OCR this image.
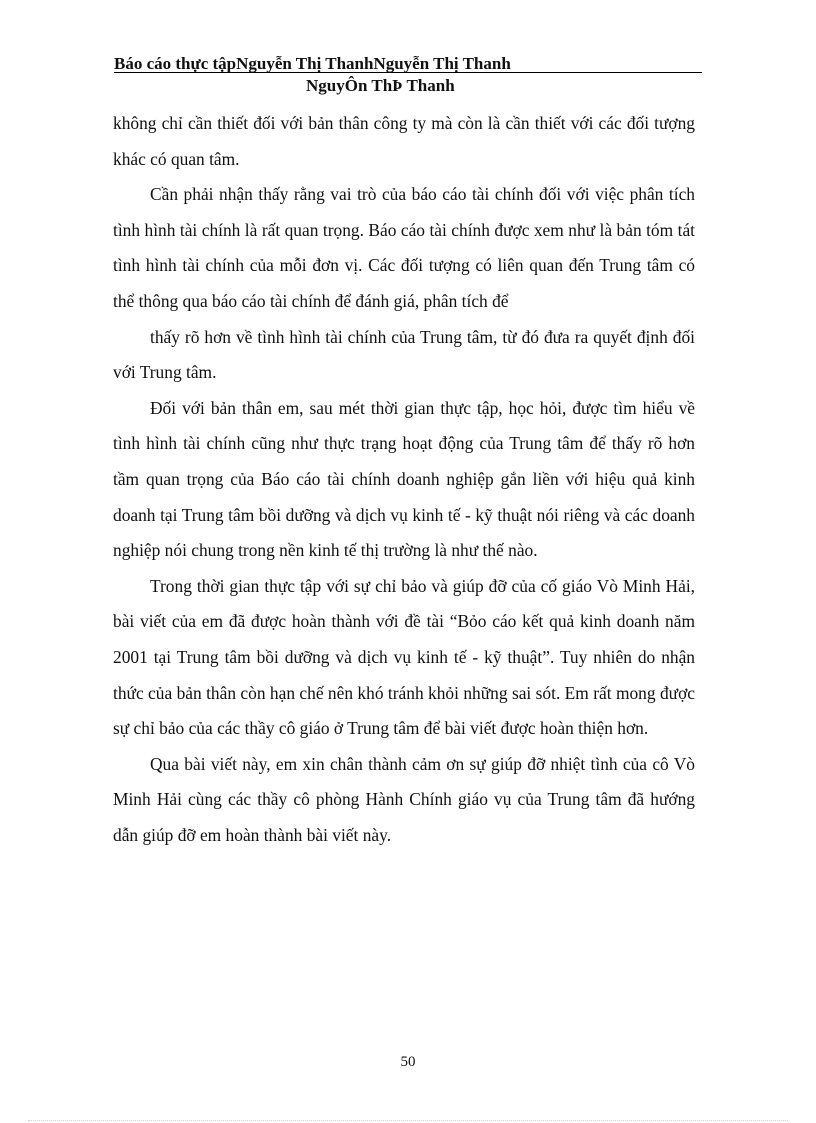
Báo cáo thực tậpNguyễn Thị ThanhNguyễn Thị Thanh
NguyÔn ThÞ Thanh

không chỉ cần thiết đối với bản thân công ty mà còn là cần thiết với các đối tượng khác có quan tâm.

Cần phải nhận thấy rằng vai trò của báo cáo tài chính đối với việc phân tích tình hình tài chính là rất quan trọng. Báo cáo tài chính được xem như là bản tóm tát tình hình tài chính của mỗi đơn vị. Các đối tượng có liên quan đến Trung tâm có thể thông qua báo cáo tài chính để đánh giá, phân tích để

thấy rõ hơn về tình hình tài chính của Trung tâm, từ đó đưa ra quyết định đối với Trung tâm.

Đối với bản thân em, sau mét thời gian thực tập, học hỏi, được tìm hiểu về tình hình tài chính cũng như thực trạng hoạt động của Trung tâm để thấy rõ hơn tầm quan trọng của Báo cáo tài chính doanh nghiệp gắn liền với hiệu quả kinh doanh tại Trung tâm bồi dưỡng và dịch vụ kinh tế - kỹ thuật nói riêng và các doanh nghiệp nói chung trong nền kinh tế thị trường là như thế nào.

Trong thời gian thực tập với sự chỉ bảo và giúp đỡ của cố giáo Vò Minh Hải, bài viết của em đã được hoàn thành với đề tài “Bỏo cáo kết quả kinh doanh năm 2001 tại Trung tâm bồi dưỡng và dịch vụ kinh tế - kỹ thuật”. Tuy nhiên do nhận thức của bản thân còn hạn chế nên khó tránh khỏi những sai sót. Em rất mong được sự chỉ bảo của các thầy cô giáo ở Trung tâm để bài viết được hoàn thiện hơn.

Qua bài viết này, em xin chân thành cảm ơn sự giúp đỡ nhiệt tình của cô Vò Minh Hải cùng các thầy cô phòng Hành Chính giáo vụ của Trung tâm đã hướng dẫn giúp đỡ em hoàn thành bài viết này.

50
